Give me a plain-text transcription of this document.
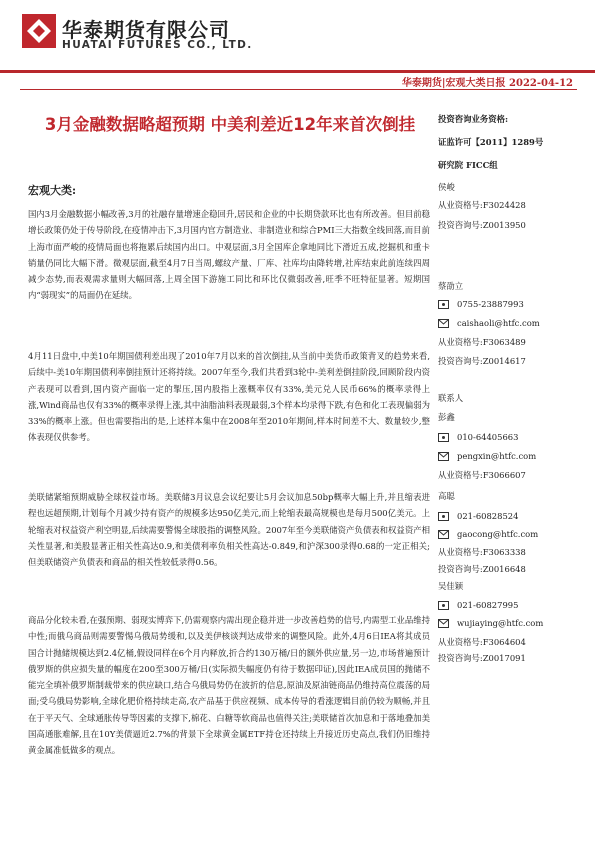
华泰期货有限公司
HUATAI FUTURES CO., LTD.
华泰期货|宏观大类日报 2022-04-12
3月金融数据略超预期 中美利差近12年来首次倒挂
宏观大类:

国内3月金融数据小幅改善,3月的社融存量增速企稳回升,居民和企业的中长期贷款环比也有所改善。但目前稳增长政策仍处于传导阶段,在疫情冲击下,3月国内官方制造业、非制造业和综合PMI三大指数全线回落,而目前上海市面严峻的疫情局面也将拖累后续国内出口。中观层面,3月全国库企拿地同比下滑近五成,挖掘机和重卡销量仍同比大幅下滑。微观层面,截至4月7日当周,螺纹产量、厂库、社库均由降转增,社库结束此前连续四周减少态势,而表观需求量则大幅回落,上周全国下游施工同比和环比仅微弱改善,旺季不旺特征显著。短期国内“弱现实”的局面仍在延续。

4月11日盘中,中美10年期国债利差出现了2010年7月以来的首次倒挂,从当前中美货币政策背叉的趋势来看,后续中-美10年期国债利率倒挂预计还将持续。2007年至今,我们共看到3轮中-美利差倒挂阶段,回顾阶段内资产表现可以看到,国内资产面临一定的掣压,国内股指上涨概率仅有33%,美元兑人民币66%的概率录得上涨,Wind商品也仅有33%的概率录得上涨,其中油脂油料表现最弱,3个样本均录得下跌,有色和化工表现偏弱为33%的概率上涨。但也需要指出的是,上述样本集中在2008年至2010年期间,样本时间差不大、数量较少,整体表现仅供参考。

美联储紧缩预期威胁全球权益市场。美联储3月议息会议纪要让5月会议加息50bp概率大幅上升,并且缩表进程也远超预期,计划每个月减少持有资产的规模多达950亿美元,而上轮缩表最高规模也是每月500亿美元。上轮缩表对权益资产利空明显,后续需要警惕全球股指的调整风险。2007年至今美联储资产负债表和权益资产相关性显著,和美股显著正相关性高达0.9,和美债利率负相关性高达-0.849,和沪深300录得0.68的一定正相关;但美联储资产负债表和商品的相关性较低录得0.56。

商品分化较未看,在强预期、弱现实博弈下,仍需观察内需出现企稳并进一步改善趋势的信号,内需型工业品维持中性;而俄乌商品则需要警惕乌俄局势缓和,以及美伊核谈判达成带来的调整风险。此外,4月6日IEA将其成员国合计抛储规模达到2.4亿桶,假设同样在6个月内释放,折合约130万桶/日的额外供应量,另一边,市场普遍预计俄罗斯的供应损失量的幅度在200至300万桶/日(实际损失幅度仍有待于数据印证),因此IEA成员国的抛储不能完全填补俄罗斯制裁带来的供应缺口,结合乌俄局势仍在波折的信息,原油及原油链商品仍维持高位震荡的局面;受乌俄局势影响,全球化肥价格持续走高,农产品基于供应视频、成本传导的看涨逻辑目前仍较为顺畅,并且在于平天气、全球通胀传导等因素的支撑下,棉花、白糖等软商品也值得关注;美联储首次加息和于落地叠加美国高通胀难解,且在10Y美债逼近2.7%的背景下全球黄金属ETF持仓还持续上升接近历史高点,我们仍旧维持黄金属准低做多的观点。

投资咨询业务资格:
证监许可【2011】1289号
研究院 FICC组
侯峻
从业资格号:F3024428
投资咨询号:Z0013950
蔡劭立
0755-23887993
caishaoli@htfc.com
从业资格号:F3063489
投资咨询号:Z0014617
联系人
彭鑫
010-64405663
pengxin@htfc.com
从业资格号:F3066607
高聪
021-60828524
gaocong@htfc.com
从业资格号:F3063338
投资咨询号:Z0016648
吴佳颖
021-60827995
wujiaying@htfc.com
从业资格号:F3064604
投资咨询号:Z0017091
